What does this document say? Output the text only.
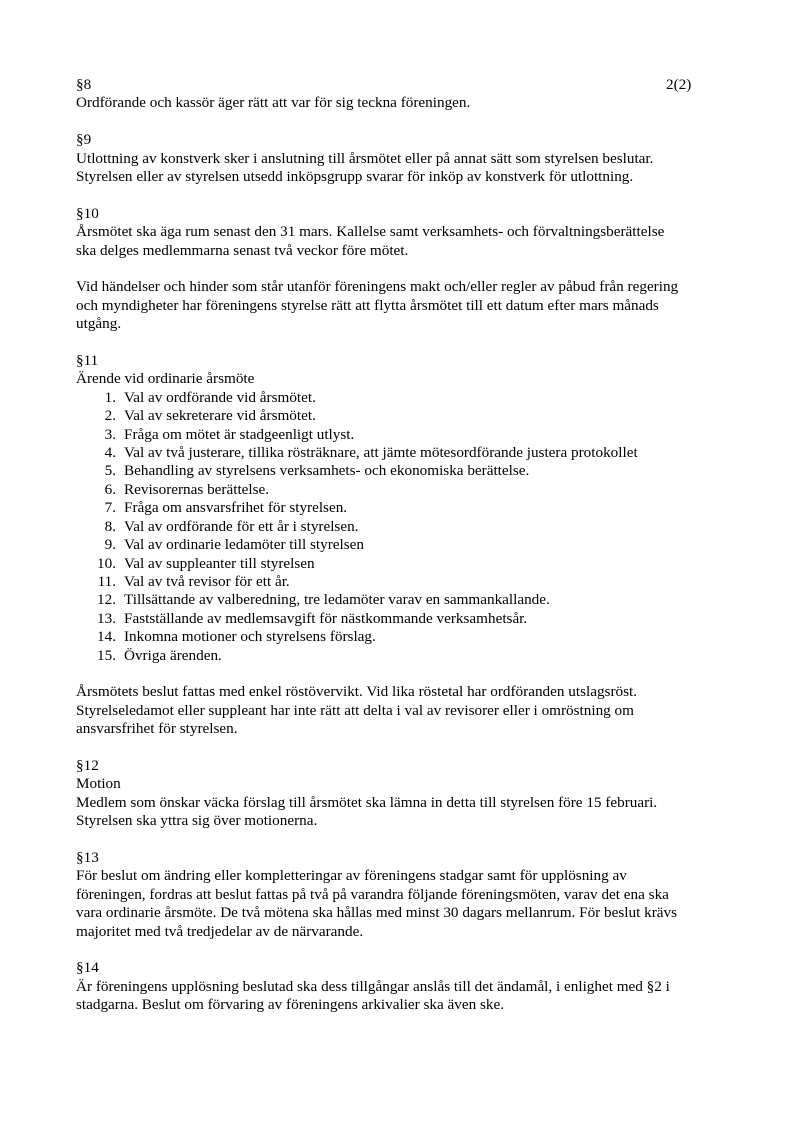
2(2)

§8

Ordförande och kassör äger rätt att var för sig teckna föreningen.

§9

Utlottning av konstverk sker i anslutning till årsmötet eller på annat sätt som styrelsen beslutar.

Styrelsen eller av styrelsen utsedd inköpsgrupp svarar för inköp av konstverk för utlottning.

§10

Årsmötet ska äga rum senast den 31 mars. Kallelse samt verksamhets- och förvaltningsberättelse

ska delges medlemmarna senast två veckor före mötet.

Vid händelser och hinder som står utanför föreningens makt och/eller regler av påbud från regering

och myndigheter har föreningens styrelse rätt att flytta årsmötet till ett datum efter mars månads

utgång.

§11

Ärende vid ordinarie årsmöte

1. Val av ordförande vid årsmötet.
2. Val av sekreterare vid årsmötet.
3. Fråga om mötet är stadgeenligt utlyst.
4. Val av två justerare, tillika rösträknare, att jämte mötesordförande justera protokollet
5. Behandling av styrelsens verksamhets- och ekonomiska berättelse.
6. Revisorernas berättelse.
7. Fråga om ansvarsfrihet för styrelsen.
8. Val av ordförande för ett år i styrelsen.
9. Val av ordinarie ledamöter till styrelsen
10. Val av suppleanter till styrelsen
11. Val av två revisor för ett år.
12. Tillsättande av valberedning, tre ledamöter varav en sammankallande.
13. Fastställande av medlemsavgift för nästkommande verksamhetsår.
14. Inkomna motioner och styrelsens förslag.
15. Övriga ärenden.

Årsmötets beslut fattas med enkel röstövervikt. Vid lika röstetal har ordföranden utslagsröst.

Styrelseledamot eller suppleant har inte rätt att delta i val av revisorer eller i omröstning om

ansvarsfrihet för styrelsen.

§12

Motion

Medlem som önskar väcka förslag till årsmötet ska lämna in detta till styrelsen före 15 februari.

Styrelsen ska yttra sig över motionerna.

§13

För beslut om ändring eller kompletteringar av föreningens stadgar samt för upplösning av

föreningen, fordras att beslut fattas på två på varandra följande föreningsmöten, varav det ena ska

vara ordinarie årsmöte. De två mötena ska hållas med minst 30 dagars mellanrum. För beslut krävs

majoritet med två tredjedelar av de närvarande.

§14

Är föreningens upplösning beslutad ska dess tillgångar anslås till det ändamål, i enlighet med §2 i

stadgarna. Beslut om förvaring av föreningens arkivalier ska även ske.
